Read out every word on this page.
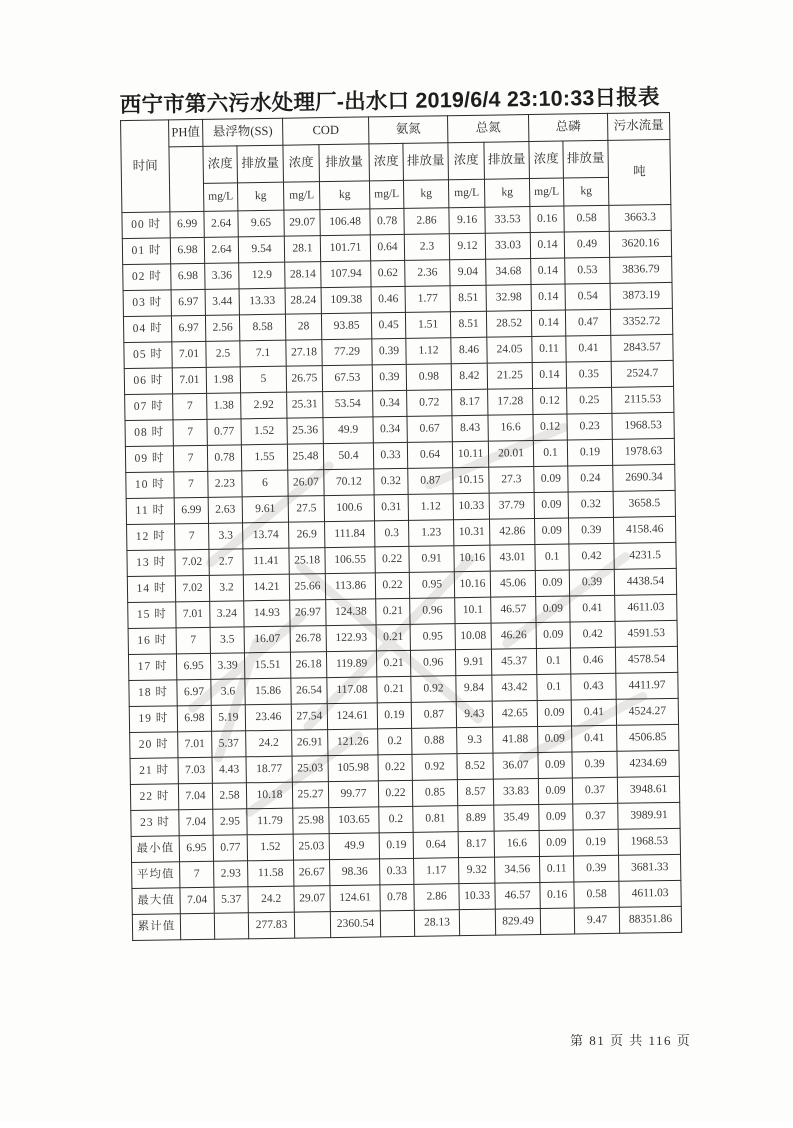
西宁市第六污水处理厂-出水口 2019/6/4 23:10:33日报表
时间	PH值	悬浮物(SS)		COD		氨氮		总氮		总磷		污水流量
		浓度	排放量	浓度	排放量	浓度	排放量	浓度	排放量	浓度	排放量	吨
		mg/L	kg	mg/L	kg	mg/L	kg	mg/L	kg	mg/L	kg	
00 时	6.99	2.64	9.65	29.07	106.48	0.78	2.86	9.16	33.53	0.16	0.58	3663.3
01 时	6.98	2.64	9.54	28.1	101.71	0.64	2.3	9.12	33.03	0.14	0.49	3620.16
02 时	6.98	3.36	12.9	28.14	107.94	0.62	2.36	9.04	34.68	0.14	0.53	3836.79
03 时	6.97	3.44	13.33	28.24	109.38	0.46	1.77	8.51	32.98	0.14	0.54	3873.19
04 时	6.97	2.56	8.58	28	93.85	0.45	1.51	8.51	28.52	0.14	0.47	3352.72
05 时	7.01	2.5	7.1	27.18	77.29	0.39	1.12	8.46	24.05	0.11	0.41	2843.57
06 时	7.01	1.98	5	26.75	67.53	0.39	0.98	8.42	21.25	0.14	0.35	2524.7
07 时	7	1.38	2.92	25.31	53.54	0.34	0.72	8.17	17.28	0.12	0.25	2115.53
08 时	7	0.77	1.52	25.36	49.9	0.34	0.67	8.43	16.6	0.12	0.23	1968.53
09 时	7	0.78	1.55	25.48	50.4	0.33	0.64	10.11	20.01	0.1	0.19	1978.63
10 时	7	2.23	6	26.07	70.12	0.32	0.87	10.15	27.3	0.09	0.24	2690.34
11 时	6.99	2.63	9.61	27.5	100.6	0.31	1.12	10.33	37.79	0.09	0.32	3658.5
12 时	7	3.3	13.74	26.9	111.84	0.3	1.23	10.31	42.86	0.09	0.39	4158.46
13 时	7.02	2.7	11.41	25.18	106.55	0.22	0.91	10.16	43.01	0.1	0.42	4231.5
14 时	7.02	3.2	14.21	25.66	113.86	0.22	0.95	10.16	45.06	0.09	0.39	4438.54
15 时	7.01	3.24	14.93	26.97	124.38	0.21	0.96	10.1	46.57	0.09	0.41	4611.03
16 时	7	3.5	16.07	26.78	122.93	0.21	0.95	10.08	46.26	0.09	0.42	4591.53
17 时	6.95	3.39	15.51	26.18	119.89	0.21	0.96	9.91	45.37	0.1	0.46	4578.54
18 时	6.97	3.6	15.86	26.54	117.08	0.21	0.92	9.84	43.42	0.1	0.43	4411.97
19 时	6.98	5.19	23.46	27.54	124.61	0.19	0.87	9.43	42.65	0.09	0.41	4524.27
20 时	7.01	5.37	24.2	26.91	121.26	0.2	0.88	9.3	41.88	0.09	0.41	4506.85
21 时	7.03	4.43	18.77	25.03	105.98	0.22	0.92	8.52	36.07	0.09	0.39	4234.69
22 时	7.04	2.58	10.18	25.27	99.77	0.22	0.85	8.57	33.83	0.09	0.37	3948.61
23 时	7.04	2.95	11.79	25.98	103.65	0.2	0.81	8.89	35.49	0.09	0.37	3989.91
最小值	6.95	0.77	1.52	25.03	49.9	0.19	0.64	8.17	16.6	0.09	0.19	1968.53
平均值	7	2.93	11.58	26.67	98.36	0.33	1.17	9.32	34.56	0.11	0.39	3681.33
最大值	7.04	5.37	24.2	29.07	124.61	0.78	2.86	10.33	46.57	0.16	0.58	4611.03
累计值			277.83		2360.54		28.13		829.49		9.47	88351.86
第 81 页 共 116 页
